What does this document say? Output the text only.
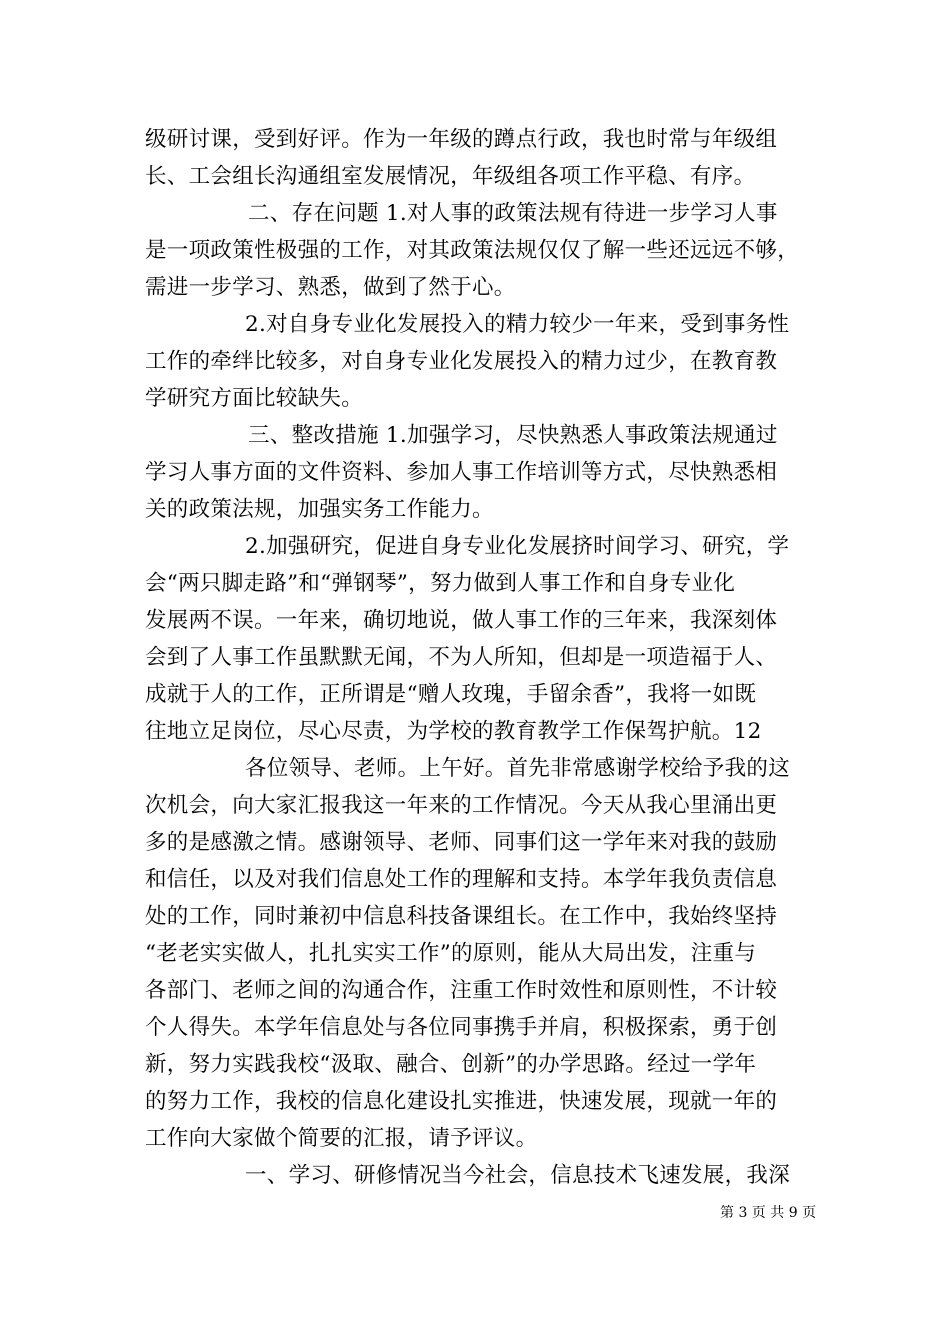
级研讨课，受到好评。作为一年级的蹲点行政，我也时常与年级组
长、工会组长沟通组室发展情况，年级组各项工作平稳、有序。
二、存在问题 1.对人事的政策法规有待进一步学习人事
是一项政策性极强的工作，对其政策法规仅仅了解一些还远远不够，
需进一步学习、熟悉，做到了然于心。
2.对自身专业化发展投入的精力较少一年来，受到事务性
工作的牵绊比较多，对自身专业化发展投入的精力过少，在教育教
学研究方面比较缺失。
三、整改措施 1.加强学习，尽快熟悉人事政策法规通过
学习人事方面的文件资料、参加人事工作培训等方式，尽快熟悉相
关的政策法规，加强实务工作能力。
2.加强研究，促进自身专业化发展挤时间学习、研究，学
会“两只脚走路”和“弹钢琴”，努力做到人事工作和自身专业化
发展两不误。一年来，确切地说，做人事工作的三年来，我深刻体
会到了人事工作虽默默无闻，不为人所知，但却是一项造福于人、
成就于人的工作，正所谓是“赠人玫瑰，手留余香”，我将一如既
往地立足岗位，尽心尽责，为学校的教育教学工作保驾护航。12
各位领导、老师。上午好。首先非常感谢学校给予我的这
次机会，向大家汇报我这一年来的工作情况。今天从我心里涌出更
多的是感激之情。感谢领导、老师、同事们这一学年来对我的鼓励
和信任，以及对我们信息处工作的理解和支持。本学年我负责信息
处的工作，同时兼初中信息科技备课组长。在工作中，我始终坚持
“老老实实做人，扎扎实实工作”的原则，能从大局出发，注重与
各部门、老师之间的沟通合作，注重工作时效性和原则性，不计较
个人得失。本学年信息处与各位同事携手并肩，积极探索，勇于创
新，努力实践我校“汲取、融合、创新”的办学思路。经过一学年
的努力工作，我校的信息化建设扎实推进，快速发展，现就一年的
工作向大家做个简要的汇报，请予评议。
一、学习、研修情况当今社会，信息技术飞速发展，我深
第 3 页 共 9 页
